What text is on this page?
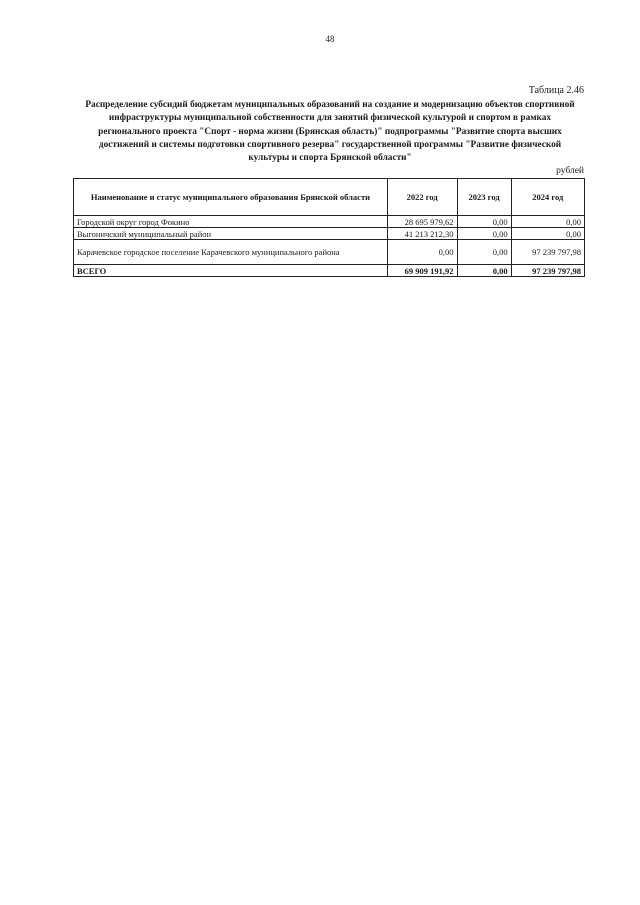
48
Таблица 2.46
Распределение субсидий бюджетам муниципальных образований на создание и модернизацию объектов спортивной
инфраструктуры муниципальной собственности для занятий физической культурой и спортом в рамках
регионального проекта "Спорт - норма жизни (Брянская область)" подпрограммы "Развитие спорта высших
достижений и системы подготовки спортивного резерва" государственной программы "Развитие физической
культуры и спорта Брянской области"
рублей
Наименование и статус муниципального образования Брянской области	2022 год	2023 год	2024 год
Городской округ город Фокино	28 695 979,62	0,00	0,00
Выгоничский муниципальный район	41 213 212,30	0,00	0,00
Карачевское городское поселение Карачевского муниципального района	0,00	0,00	97 239 797,98
ВСЕГО	69 909 191,92	0,00	97 239 797,98
